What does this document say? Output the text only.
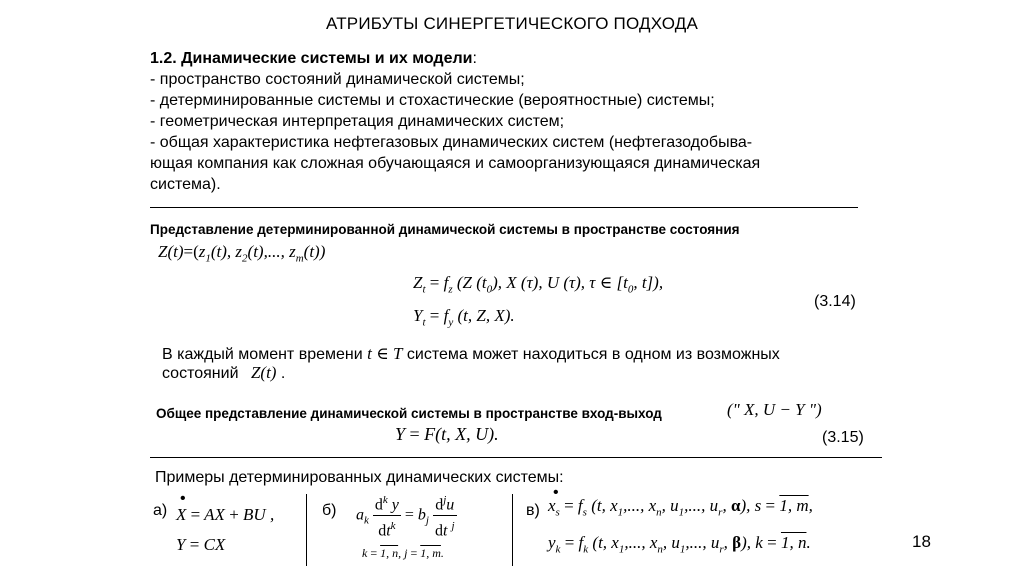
АТРИБУТЫ СИНЕРГЕТИЧЕСКОГО ПОДХОДА
1.2. Динамические системы и их модели:
- пространство состояний динамической системы;
- детерминированные системы и стохастические (вероятностные) системы;
- геометрическая интерпретация динамических систем;
- общая характеристика нефтегазовых динамических систем (нефтегазодобыва-
ющая компания как сложная обучающаяся и самоорганизующаяся динамическая
система).
Представление детерминированной динамической системы в пространстве состояния
$Z(t)=(z_1(t)$, $z_2(t)$,..., $z_m(t)$)
$Z_t = f_z$ (Z $(t_0)$, X (τ), U (τ), τ ∈ [$t_0$, t]),
$Y_t = f_y$ (t, Z, X).
(3.14)
В каждый момент времени t ∈ T система может находиться в одном из возможных
состояний Z(t) .
Общее представление динамической системы в пространстве вход-выход	(" X, U − Y ")
Y = F(t, X, U).	(3.15)
Примеры детерминированных динамических системы:
а)
•
X = AX + BU ,
Y = CX
б) $a_k \frac{d^k y}{dt^k} = b_j \frac{d^ju}{dt ^j}$
k = 1, n, j = 1, m.
в)
•
$x_s = f_s$ (t, $x_1$,..., $x_n$, $u_1$,..., $u_r$, α), s = 1, m,
$y_k = f_k$ (t, $x_1$,..., $x_n$, $u_1$,..., $u_r$, β), k = 1, n.	18
